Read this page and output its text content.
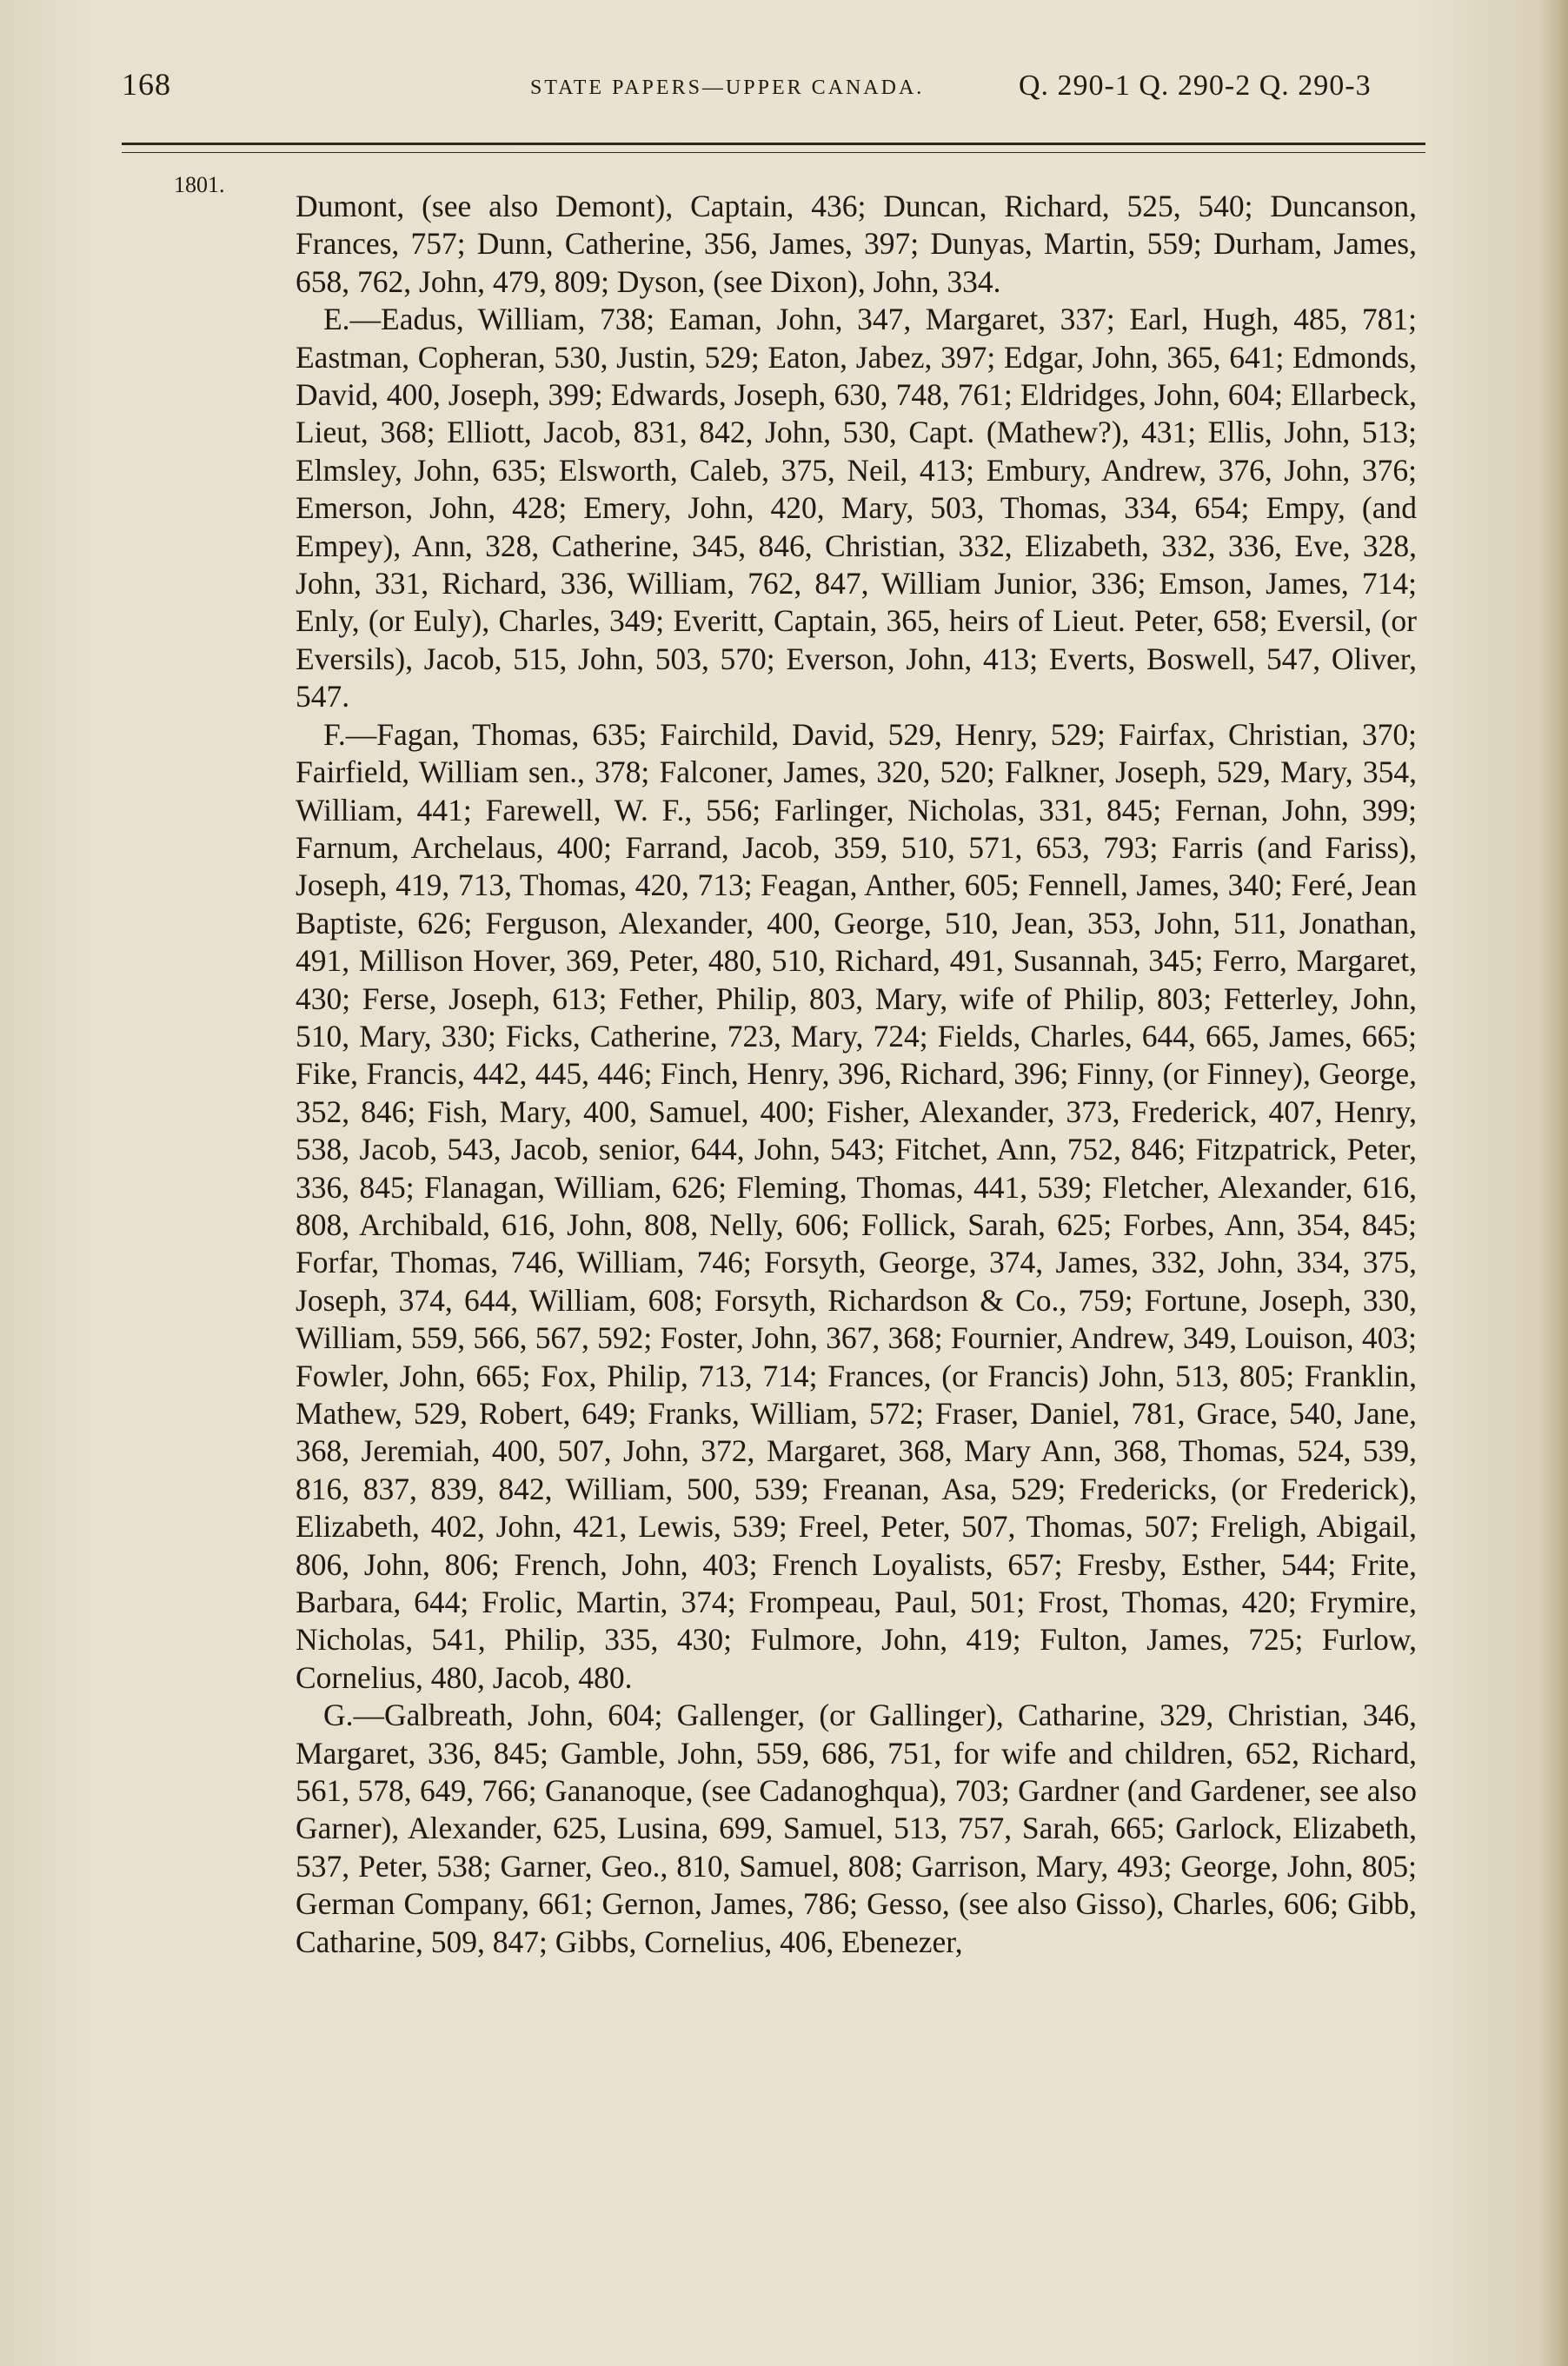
168	STATE PAPERS—UPPER CANADA.	Q. 290-1 Q. 290-2 Q. 290-3
1801.

Dumont, (see also Demont), Captain, 436; Duncan, Richard, 525, 540; Duncanson, Frances, 757; Dunn, Catherine, 356, James, 397; Dunyas, Martin, 559; Durham, James, 658, 762, John, 479, 809; Dyson, (see Dixon), John, 334.

E.—Eadus, William, 738; Eaman, John, 347, Margaret, 337; Earl, Hugh, 485, 781; Eastman, Copheran, 530, Justin, 529; Eaton, Jabez, 397; Edgar, John, 365, 641; Edmonds, David, 400, Joseph, 399; Edwards, Joseph, 630, 748, 761; Eldridges, John, 604; Ellarbeck, Lieut, 368; Elliott, Jacob, 831, 842, John, 530, Capt. (Mathew?), 431; Ellis, John, 513; Elmsley, John, 635; Elsworth, Caleb, 375, Neil, 413; Embury, Andrew, 376, John, 376; Emerson, John, 428; Emery, John, 420, Mary, 503, Thomas, 334, 654; Empy, (and Empey), Ann, 328, Catherine, 345, 846, Christian, 332, Elizabeth, 332, 336, Eve, 328, John, 331, Richard, 336, William, 762, 847, William Junior, 336; Emson, James, 714; Enly, (or Euly), Charles, 349; Everitt, Captain, 365, heirs of Lieut. Peter, 658; Eversil, (or Eversils), Jacob, 515, John, 503, 570; Everson, John, 413; Everts, Boswell, 547, Oliver, 547.

F.—Fagan, Thomas, 635; Fairchild, David, 529, Henry, 529; Fairfax, Christian, 370; Fairfield, William sen., 378; Falconer, James, 320, 520; Falkner, Joseph, 529, Mary, 354, William, 441; Farewell, W. F., 556; Farlinger, Nicholas, 331, 845; Fernan, John, 399; Farnum, Archelaus, 400; Farrand, Jacob, 359, 510, 571, 653, 793; Farris (and Fariss), Joseph, 419, 713, Thomas, 420, 713; Feagan, Anther, 605; Fennell, James, 340; Feré, Jean Baptiste, 626; Ferguson, Alexander, 400, George, 510, Jean, 353, John, 511, Jonathan, 491, Millison Hover, 369, Peter, 480, 510, Richard, 491, Susannah, 345; Ferro, Margaret, 430; Ferse, Joseph, 613; Fether, Philip, 803, Mary, wife of Philip, 803; Fetterley, John, 510, Mary, 330; Ficks, Catherine, 723, Mary, 724; Fields, Charles, 644, 665, James, 665; Fike, Francis, 442, 445, 446; Finch, Henry, 396, Richard, 396; Finny, (or Finney), George, 352, 846; Fish, Mary, 400, Samuel, 400; Fisher, Alexander, 373, Frederick, 407, Henry, 538, Jacob, 543, Jacob, senior, 644, John, 543; Fitchet, Ann, 752, 846; Fitzpatrick, Peter, 336, 845; Flanagan, William, 626; Fleming, Thomas, 441, 539; Fletcher, Alexander, 616, 808, Archibald, 616, John, 808, Nelly, 606; Follick, Sarah, 625; Forbes, Ann, 354, 845; Forfar, Thomas, 746, William, 746; Forsyth, George, 374, James, 332, John, 334, 375, Joseph, 374, 644, William, 608; Forsyth, Richardson & Co., 759; Fortune, Joseph, 330, William, 559, 566, 567, 592; Foster, John, 367, 368; Fournier, Andrew, 349, Louison, 403; Fowler, John, 665; Fox, Philip, 713, 714; Frances, (or Francis) John, 513, 805; Franklin, Mathew, 529, Robert, 649; Franks, William, 572; Fraser, Daniel, 781, Grace, 540, Jane, 368, Jeremiah, 400, 507, John, 372, Margaret, 368, Mary Ann, 368, Thomas, 524, 539, 816, 837, 839, 842, William, 500, 539; Freanan, Asa, 529; Fredericks, (or Frederick), Elizabeth, 402, John, 421, Lewis, 539; Freel, Peter, 507, Thomas, 507; Freligh, Abigail, 806, John, 806; French, John, 403; French Loyalists, 657; Fresby, Esther, 544; Frite, Barbara, 644; Frolic, Martin, 374; Frompeau, Paul, 501; Frost, Thomas, 420; Frymire, Nicholas, 541, Philip, 335, 430; Fulmore, John, 419; Fulton, James, 725; Furlow, Cornelius, 480, Jacob, 480.

G.—Galbreath, John, 604; Gallenger, (or Gallinger), Catharine, 329, Christian, 346, Margaret, 336, 845; Gamble, John, 559, 686, 751, for wife and children, 652, Richard, 561, 578, 649, 766; Gananoque, (see Cadanoghqua), 703; Gardner (and Gardener, see also Garner), Alexander, 625, Lusina, 699, Samuel, 513, 757, Sarah, 665; Garlock, Elizabeth, 537, Peter, 538; Garner, Geo., 810, Samuel, 808; Garrison, Mary, 493; George, John, 805; German Company, 661; Gernon, James, 786; Gesso, (see also Gisso), Charles, 606; Gibb, Catharine, 509, 847; Gibbs, Cornelius, 406, Ebenezer,
